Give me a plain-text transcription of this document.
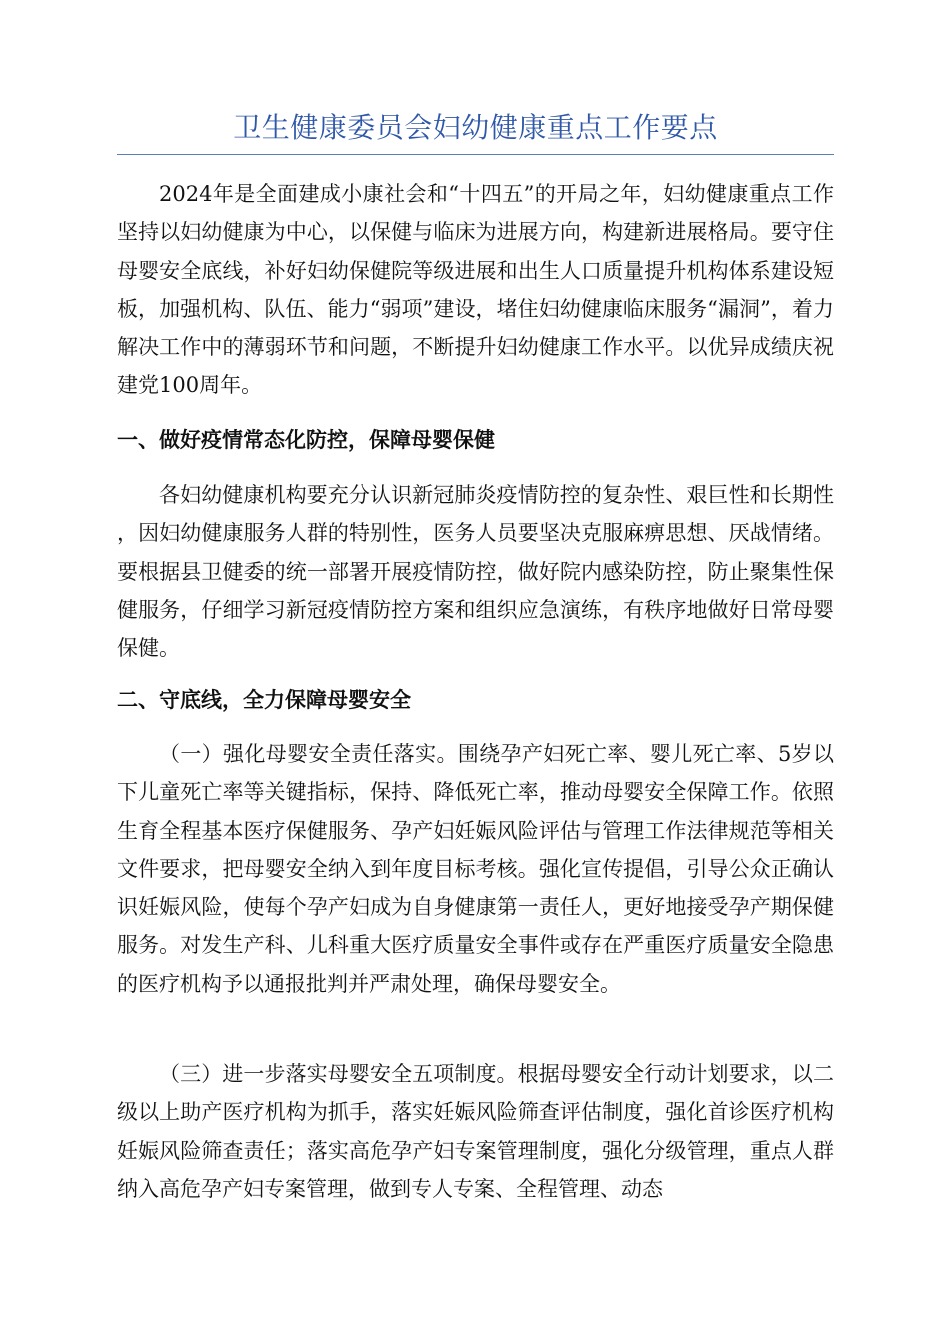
卫生健康委员会妇幼健康重点工作要点

2024年是全面建成小康社会和“十四五”的开局之年，妇幼健康重点工作坚持以妇幼健康为中心，以保健与临床为进展方向，构建新进展格局。要守住母婴安全底线，补好妇幼保健院等级进展和出生人口质量提升机构体系建设短板，加强机构、队伍、能力“弱项”建设，堵住妇幼健康临床服务“漏洞”，着力解决工作中的薄弱环节和问题，不断提升妇幼健康工作水平。以优异成绩庆祝建党100周年。

一、做好疫情常态化防控，保障母婴保健

各妇幼健康机构要充分认识新冠肺炎疫情防控的复杂性、艰巨性和长期性，因妇幼健康服务人群的特别性，医务人员要坚决克服麻痹思想、厌战情绪。要根据县卫健委的统一部署开展疫情防控，做好院内感染防控，防止聚集性保健服务，仔细学习新冠疫情防控方案和组织应急演练，有秩序地做好日常母婴保健。

二、守底线，全力保障母婴安全

（一）强化母婴安全责任落实。围绕孕产妇死亡率、婴儿死亡率、5岁以下儿童死亡率等关键指标，保持、降低死亡率，推动母婴安全保障工作。依照生育全程基本医疗保健服务、孕产妇妊娠风险评估与管理工作法律规范等相关文件要求，把母婴安全纳入到年度目标考核。强化宣传提倡，引导公众正确认识妊娠风险，使每个孕产妇成为自身健康第一责任人，更好地接受孕产期保健服务。对发生产科、儿科重大医疗质量安全事件或存在严重医疗质量安全隐患的医疗机构予以通报批判并严肃处理，确保母婴安全。

（三）进一步落实母婴安全五项制度。根据母婴安全行动计划要求，以二级以上助产医疗机构为抓手，落实妊娠风险筛查评估制度，强化首诊医疗机构妊娠风险筛查责任；落实高危孕产妇专案管理制度，强化分级管理，重点人群纳入高危孕产妇专案管理，做到专人专案、全程管理、动态
